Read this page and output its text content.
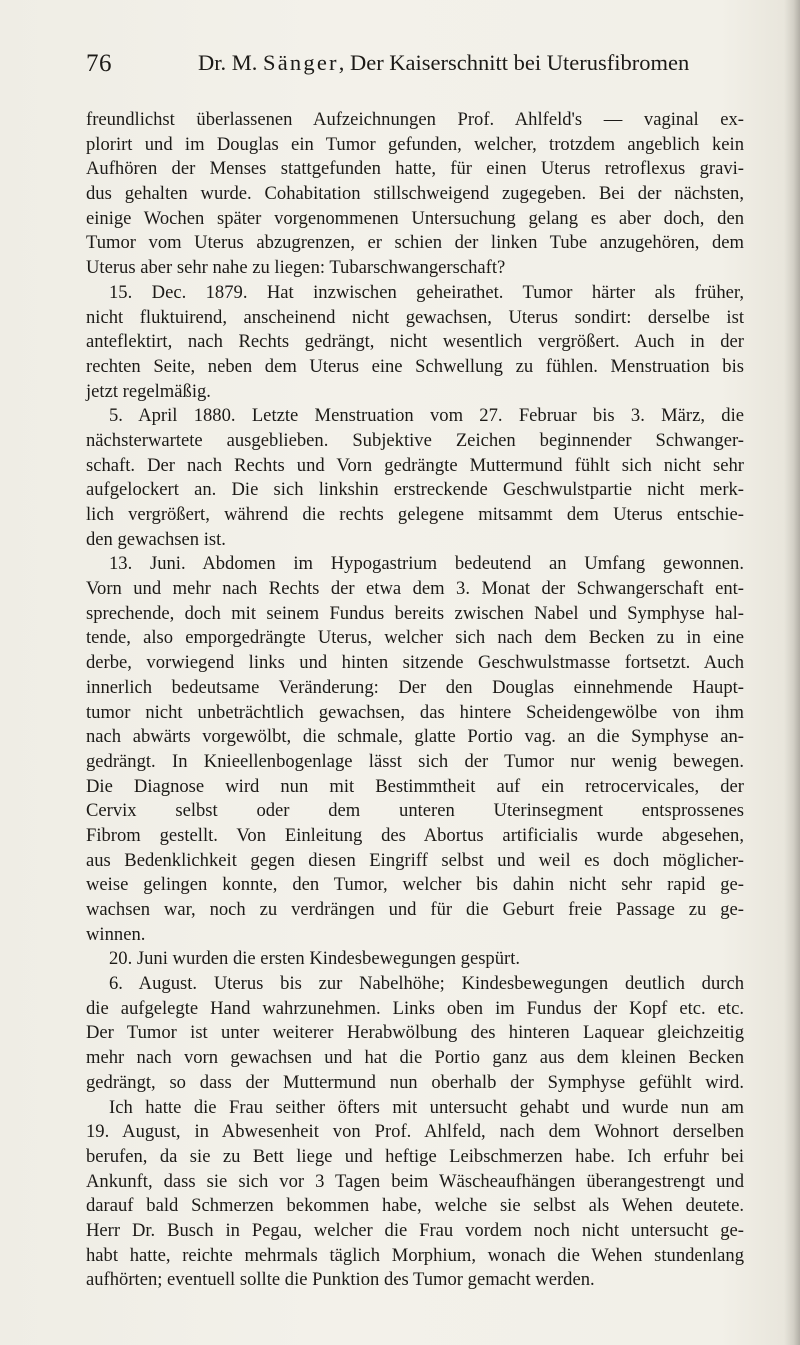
76	Dr. M. Sänger, Der Kaiserschnitt bei Uterusfibromen
freundlichst überlassenen Aufzeichnungen Prof. Ahlfeld's — vaginal ex-
plorirt und im Douglas ein Tumor gefunden, welcher, trotzdem angeblich kein
Aufhören der Menses stattgefunden hatte, für einen Uterus retroflexus gravi-
dus gehalten wurde. Cohabitation stillschweigend zugegeben. Bei der nächsten,
einige Wochen später vorgenommenen Untersuchung gelang es aber doch, den
Tumor vom Uterus abzugrenzen, er schien der linken Tube anzugehören, dem
Uterus aber sehr nahe zu liegen: Tubarschwangerschaft?
15. Dec. 1879. Hat inzwischen geheirathet. Tumor härter als früher,
nicht fluktuirend, anscheinend nicht gewachsen, Uterus sondirt: derselbe ist
anteflektirt, nach Rechts gedrängt, nicht wesentlich vergrößert. Auch in der
rechten Seite, neben dem Uterus eine Schwellung zu fühlen. Menstruation bis
jetzt regelmäßig.
5. April 1880. Letzte Menstruation vom 27. Februar bis 3. März, die
nächsterwartete ausgeblieben. Subjektive Zeichen beginnender Schwanger-
schaft. Der nach Rechts und Vorn gedrängte Muttermund fühlt sich nicht sehr
aufgelockert an. Die sich linkshin erstreckende Geschwulstpartie nicht merk-
lich vergrößert, während die rechts gelegene mitsammt dem Uterus entschie-
den gewachsen ist.
13. Juni. Abdomen im Hypogastrium bedeutend an Umfang gewonnen.
Vorn und mehr nach Rechts der etwa dem 3. Monat der Schwangerschaft ent-
sprechende, doch mit seinem Fundus bereits zwischen Nabel und Symphyse hal-
tende, also emporgedrängte Uterus, welcher sich nach dem Becken zu in eine
derbe, vorwiegend links und hinten sitzende Geschwulstmasse fortsetzt. Auch
innerlich bedeutsame Veränderung: Der den Douglas einnehmende Haupt-
tumor nicht unbeträchtlich gewachsen, das hintere Scheidengewölbe von ihm
nach abwärts vorgewölbt, die schmale, glatte Portio vag. an die Symphyse an-
gedrängt. In Knieellenbogenlage lässt sich der Tumor nur wenig bewegen.
Die Diagnose wird nun mit Bestimmtheit auf ein retrocervicales, der
Cervix selbst oder dem unteren Uterinsegment entsprossenes
Fibrom gestellt. Von Einleitung des Abortus artificialis wurde abgesehen,
aus Bedenklichkeit gegen diesen Eingriff selbst und weil es doch möglicher-
weise gelingen konnte, den Tumor, welcher bis dahin nicht sehr rapid ge-
wachsen war, noch zu verdrängen und für die Geburt freie Passage zu ge-
winnen.
20. Juni wurden die ersten Kindesbewegungen gespürt.
6. August. Uterus bis zur Nabelhöhe; Kindesbewegungen deutlich durch
die aufgelegte Hand wahrzunehmen. Links oben im Fundus der Kopf etc. etc.
Der Tumor ist unter weiterer Herabwölbung des hinteren Laquear gleichzeitig
mehr nach vorn gewachsen und hat die Portio ganz aus dem kleinen Becken
gedrängt, so dass der Muttermund nun oberhalb der Symphyse gefühlt wird.
Ich hatte die Frau seither öfters mit untersucht gehabt und wurde nun am
19. August, in Abwesenheit von Prof. Ahlfeld, nach dem Wohnort derselben
berufen, da sie zu Bett liege und heftige Leibschmerzen habe. Ich erfuhr bei
Ankunft, dass sie sich vor 3 Tagen beim Wäscheaufhängen überangestrengt und
darauf bald Schmerzen bekommen habe, welche sie selbst als Wehen deutete.
Herr Dr. Busch in Pegau, welcher die Frau vordem noch nicht untersucht ge-
habt hatte, reichte mehrmals täglich Morphium, wonach die Wehen stundenlang
aufhörten; eventuell sollte die Punktion des Tumor gemacht werden.
